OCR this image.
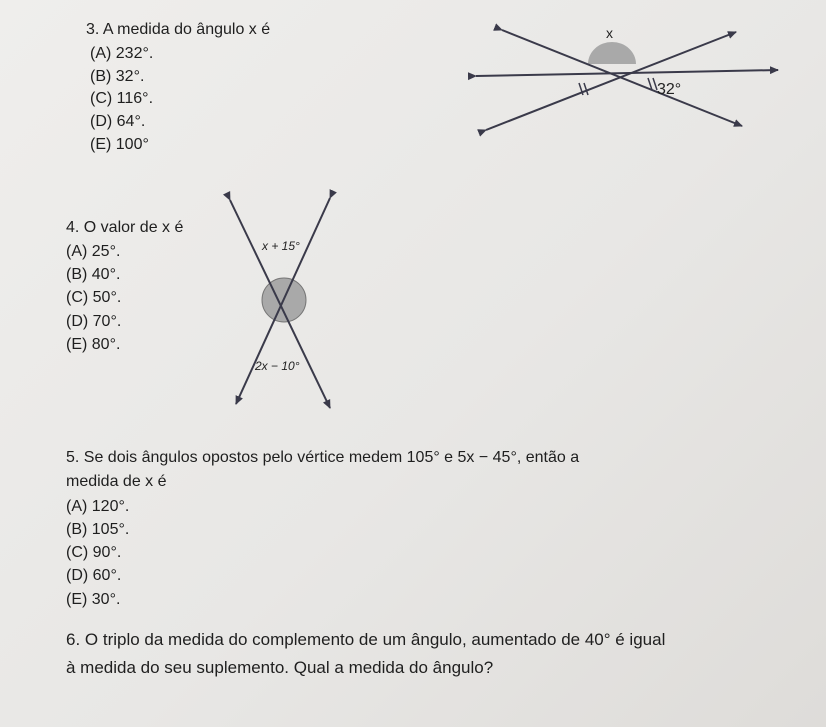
3. A medida do ângulo x é
(A) 232°.
(B) 32°.
(C) 116°.
(D) 64°.
(E) 100°
x
32°
4. O valor de x é
(A) 25°.
(B) 40°.
(C) 50°.
(D) 70°.
(E) 80°.
x + 15°
2x − 10°
5. Se dois ângulos opostos pelo vértice medem 105° e 5x − 45°, então a
medida de x é
(A) 120°.
(B) 105°.
(C) 90°.
(D) 60°.
(E) 30°.
6. O triplo da medida do complemento de um ângulo, aumentado de 40° é igual
à medida do seu suplemento. Qual a medida do ângulo?
